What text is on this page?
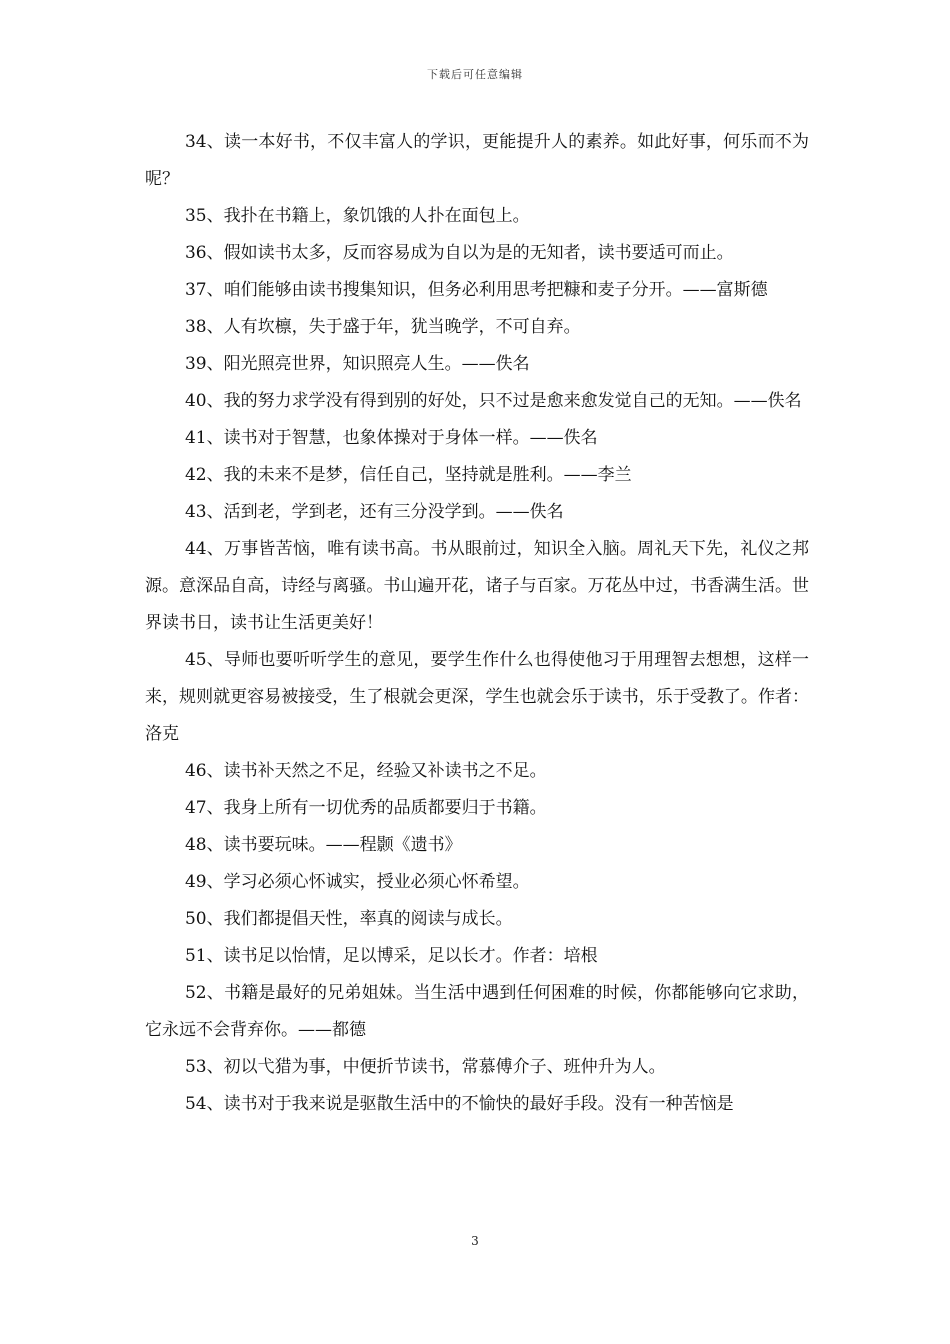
下载后可任意编辑

34、读一本好书，不仅丰富人的学识，更能提升人的素养。如此好事，何乐而不为呢？

35、我扑在书籍上，象饥饿的人扑在面包上。

36、假如读书太多，反而容易成为自以为是的无知者，读书要适可而止。

37、咱们能够由读书搜集知识，但务必利用思考把糠和麦子分开。——富斯德

38、人有坎檩，失于盛于年，犹当晚学，不可自弃。

39、阳光照亮世界，知识照亮人生。——佚名

40、我的努力求学没有得到别的好处，只不过是愈来愈发觉自己的无知。——佚名

41、读书对于智慧，也象体操对于身体一样。——佚名

42、我的未来不是梦，信任自己，坚持就是胜利。——李兰

43、活到老，学到老，还有三分没学到。——佚名

44、万事皆苦恼，唯有读书高。书从眼前过，知识全入脑。周礼天下先，礼仪之邦源。意深品自高，诗经与离骚。书山遍开花，诸子与百家。万花丛中过，书香满生活。世界读书日，读书让生活更美好！

45、导师也要听听学生的意见，要学生作什么也得使他习于用理智去想想，这样一来，规则就更容易被接受，生了根就会更深，学生也就会乐于读书，乐于受教了。作者：洛克

46、读书补天然之不足，经验又补读书之不足。

47、我身上所有一切优秀的品质都要归于书籍。

48、读书要玩味。——程颢《遗书》

49、学习必须心怀诚实，授业必须心怀希望。

50、我们都提倡天性，率真的阅读与成长。

51、读书足以怡情，足以博采，足以长才。作者：培根

52、书籍是最好的兄弟姐妹。当生活中遇到任何困难的时候，你都能够向它求助，它永远不会背弃你。——都德

53、初以弋猎为事，中便折节读书，常慕傅介子、班仲升为人。

54、读书对于我来说是驱散生活中的不愉快的最好手段。没有一种苦恼是

3
